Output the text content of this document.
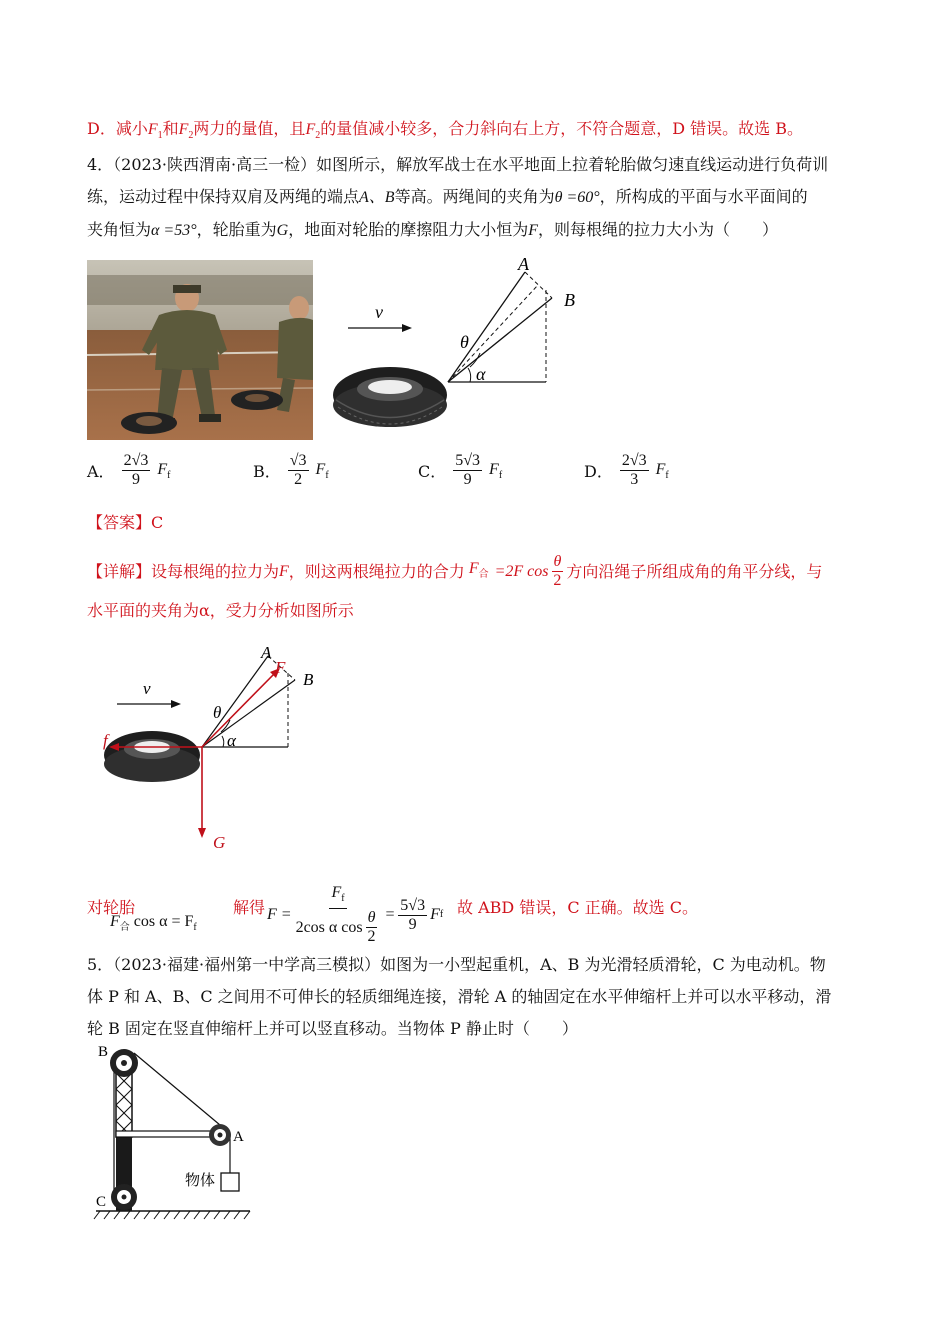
D．减小$F_1$和$F_2$两力的量值，且$F_2$的量值减小较多，合力斜向右上方，不符合题意，D 错误。故选 B。
4．（2023·陕西渭南·高三一检）如图所示，解放军战士在水平地面上拉着轮胎做匀速直线运动进行负荷训
练，运动过程中保持双肩及两绳的端点A、B等高。两绳间的夹角为θ =60°，所构成的平面与水平面间的
夹角恒为α =53°，轮胎重为G，地面对轮胎的摩擦阻力大小恒为F，则每根绳的拉力大小为（　　）
v
A
B
θ
α
A． $\frac{2√3}{9} F_f$	B． $\frac{√3}{2} F_f$	C． $\frac{5√3}{9} F_f$	D． $\frac{2√3}{3} F_f$
【答案】C
【详解】设每根绳的拉力为 F ，则这两根绳拉力的合力 $F_合 =2F$ $\cos \frac{\theta}{2}$ 方向沿绳子所组成角的角平分线，与
水平面的夹角为α，受力分析如图所示
v
A
F
B
θ
α
f
G
对轮胎
$F_合$ $\cos \alpha = F_f$
解得 $F = \frac{F_f}{2\cos \alpha \cos \frac{\theta}{2}} = \frac{5√3}{9}$ F f 故 ABD 错误，C 正确。故选 C。
5．（2023·福建·福州第一中学高三模拟）如图为一小型起重机，A、B 为光滑轻质滑轮，C 为电动机。物
体 P 和 A、B、C 之间用不可伸长的轻质细绳连接，滑轮 A 的轴固定在水平伸缩杆上并可以水平移动，滑
轮 B 固定在竖直伸缩杆上并可以竖直移动。当物体 P 静止时（　　）
B
A
C
物体
